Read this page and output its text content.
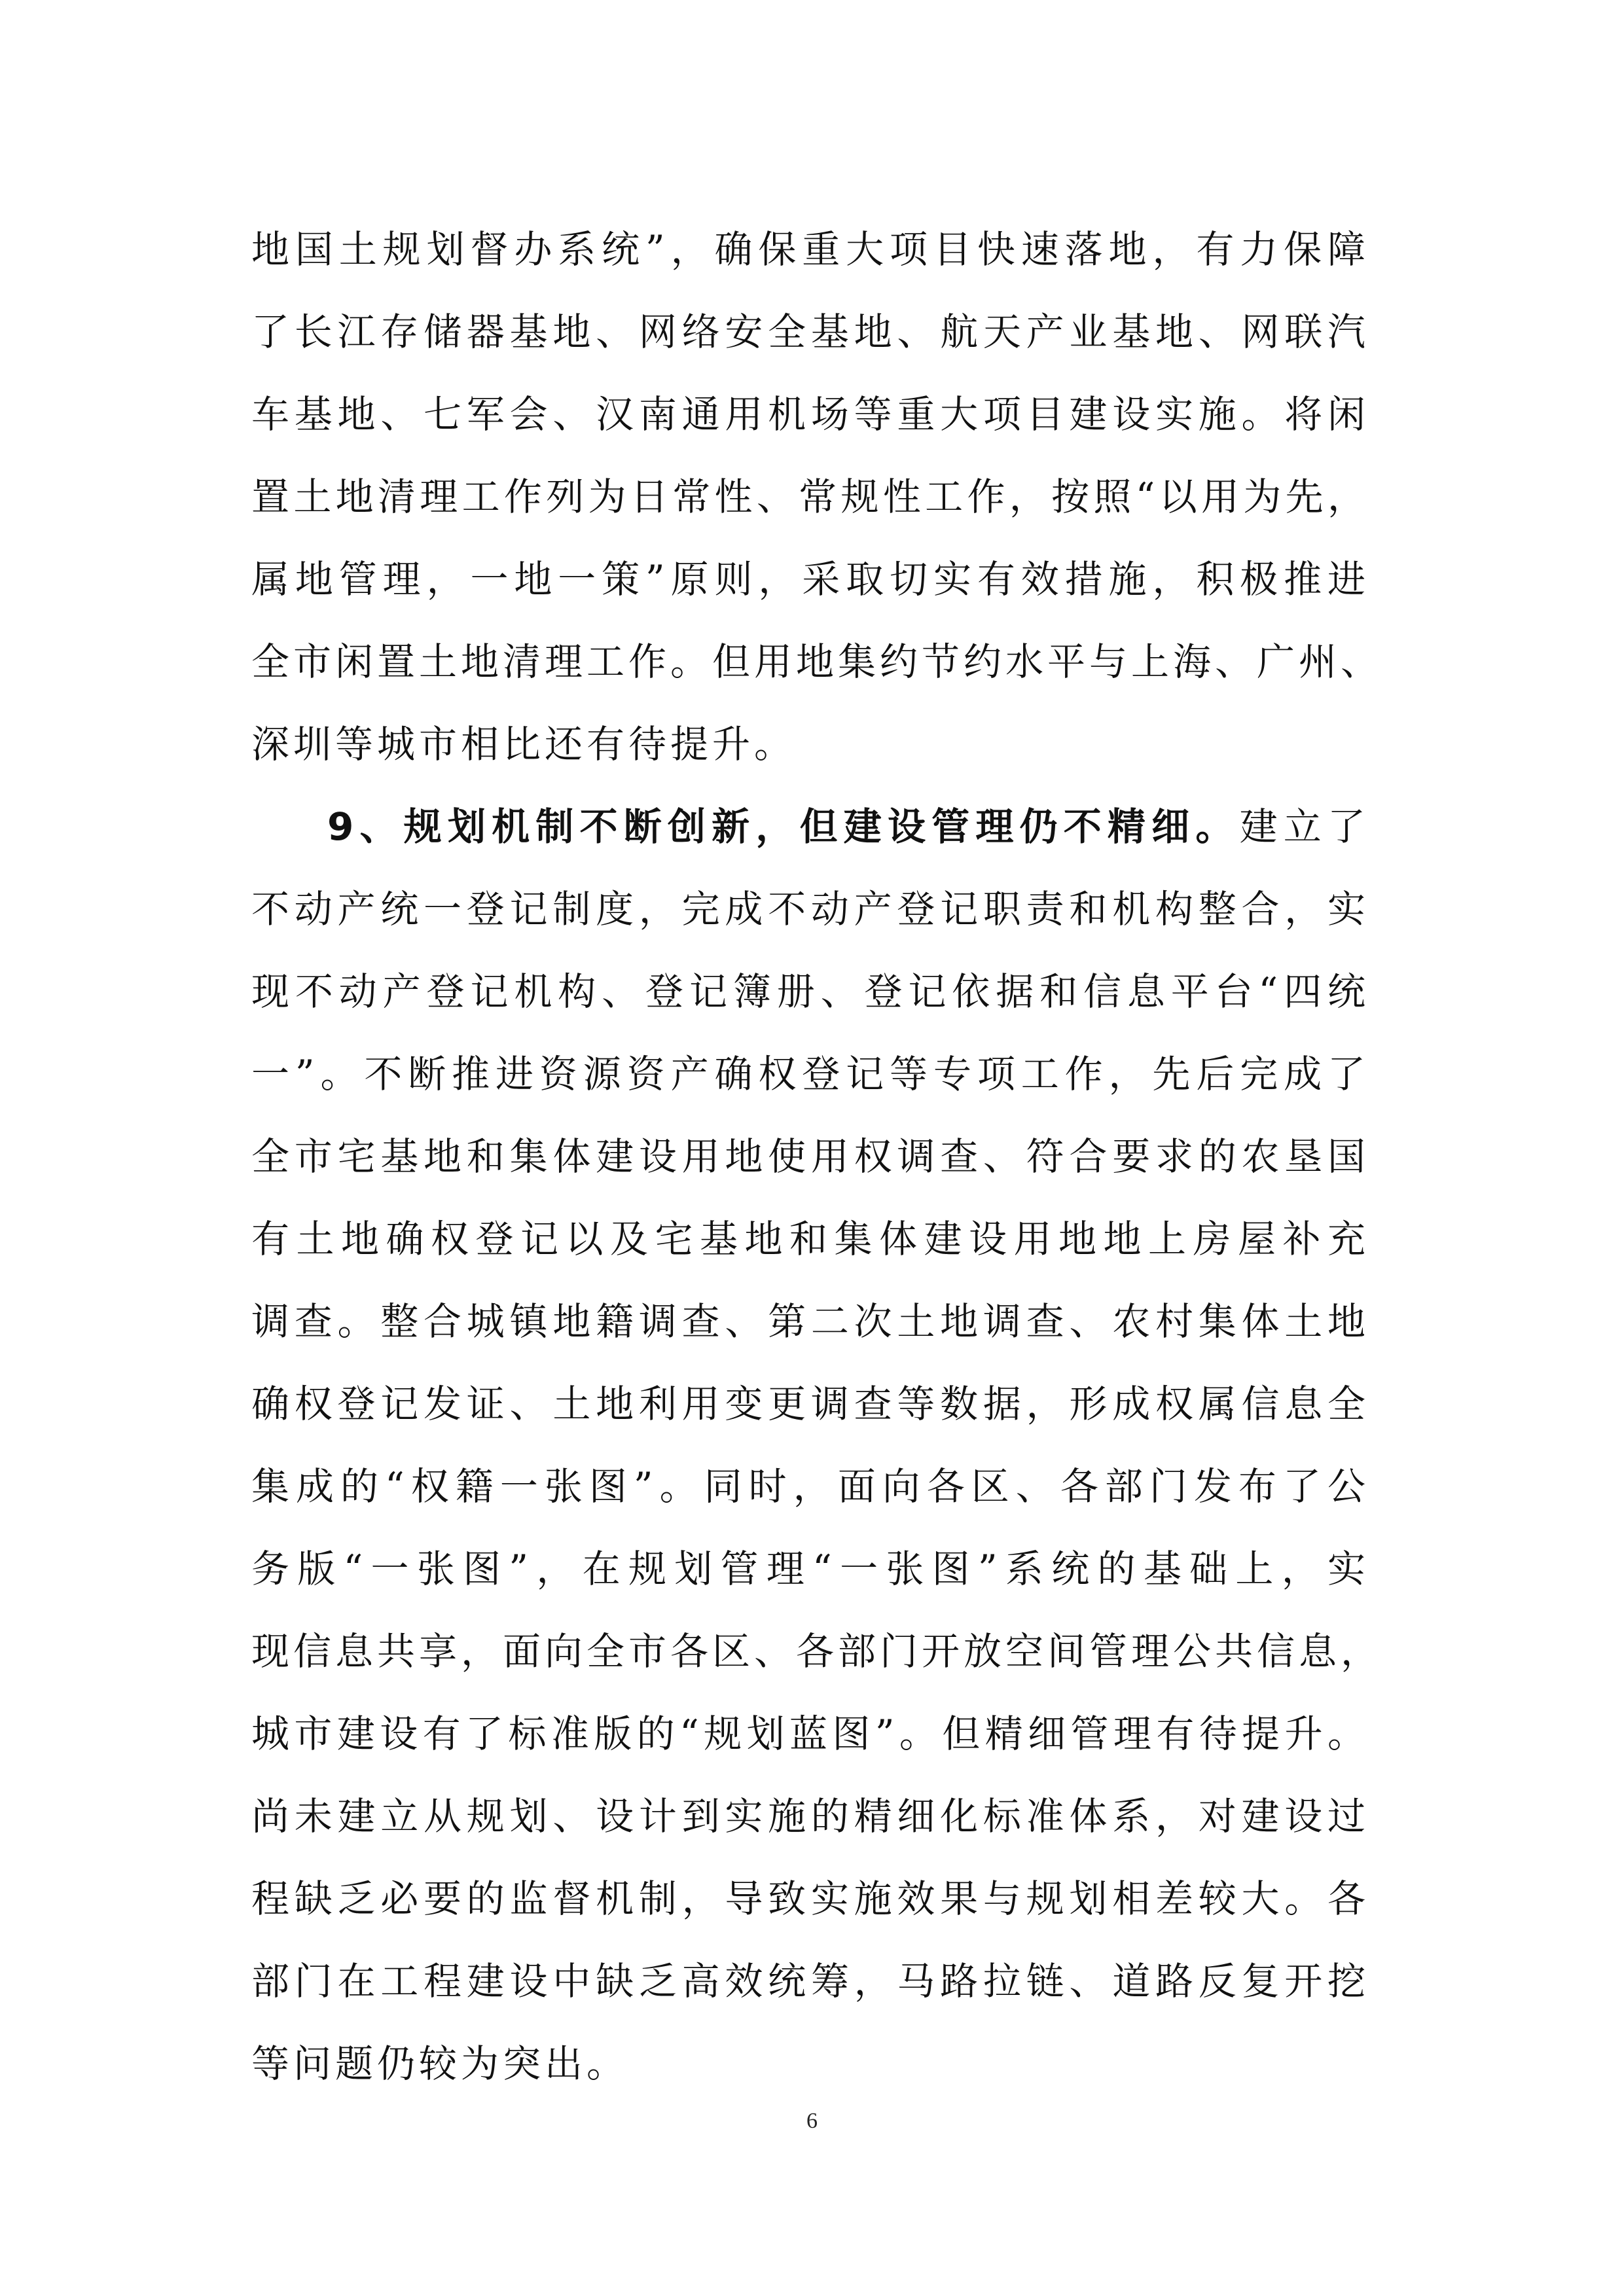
地国土规划督办系统”，确保重大项目快速落地，有力保障
了长江存储器基地、网络安全基地、航天产业基地、网联汽
车基地、七军会、汉南通用机场等重大项目建设实施。将闲
置土地清理工作列为日常性、常规性工作，按照“以用为先，
属地管理，一地一策”原则，采取切实有效措施，积极推进
全市闲置土地清理工作。但用地集约节约水平与上海、广州、
深圳等城市相比还有待提升。
9、规划机制不断创新，但建设管理仍不精细。建立了
不动产统一登记制度，完成不动产登记职责和机构整合，实
现不动产登记机构、登记簿册、登记依据和信息平台“四统
一”。不断推进资源资产确权登记等专项工作，先后完成了
全市宅基地和集体建设用地使用权调查、符合要求的农垦国
有土地确权登记以及宅基地和集体建设用地地上房屋补充
调查。整合城镇地籍调查、第二次土地调查、农村集体土地
确权登记发证、土地利用变更调查等数据，形成权属信息全
集成的“权籍一张图”。同时，面向各区、各部门发布了公
务版“一张图”，在规划管理“一张图”系统的基础上，实
现信息共享，面向全市各区、各部门开放空间管理公共信息，
城市建设有了标准版的“规划蓝图”。但精细管理有待提升。
尚未建立从规划、设计到实施的精细化标准体系，对建设过
程缺乏必要的监督机制，导致实施效果与规划相差较大。各
部门在工程建设中缺乏高效统筹，马路拉链、道路反复开挖
等问题仍较为突出。
6
